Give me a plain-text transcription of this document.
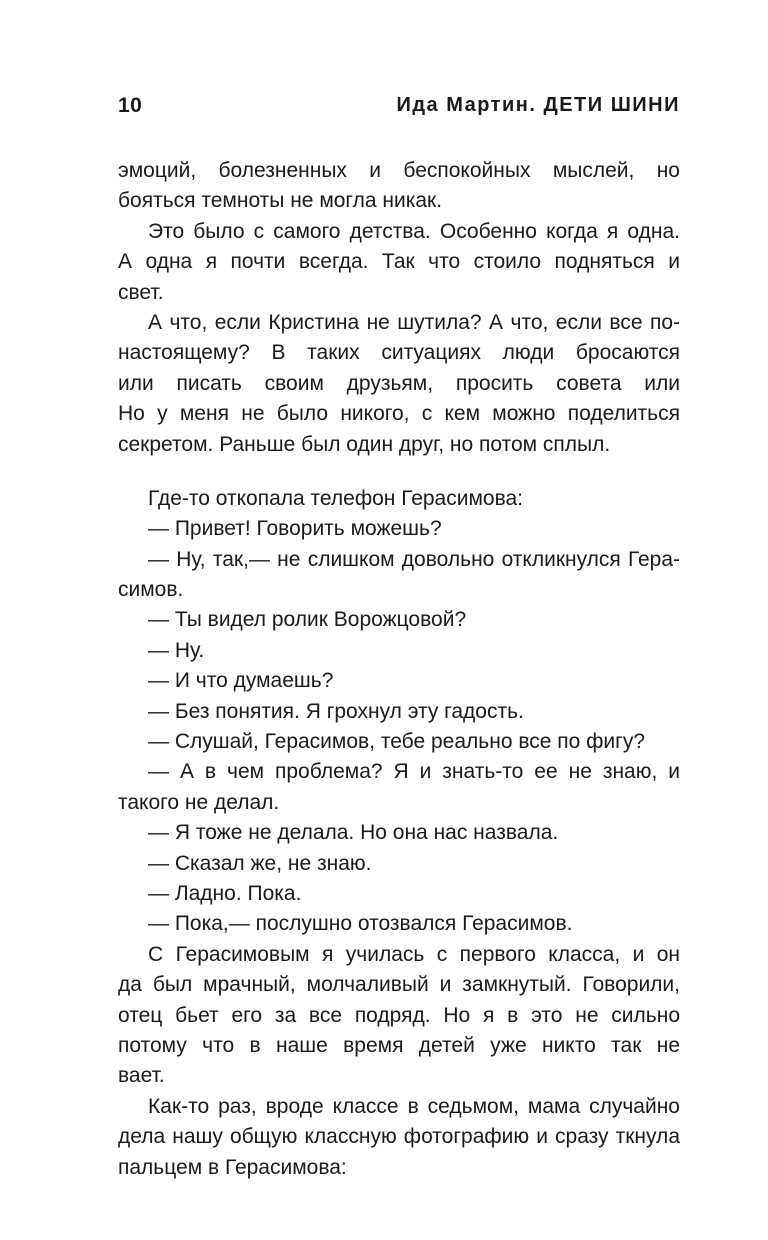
10	Ида Мартин. ДЕТИ ШИНИ
эмоций, болезненных и беспокойных мыслей, но
бояться темноты не могла никак.
Это было с самого детства. Особенно когда я одна.
А одна я почти всегда. Так что стоило подняться и
свет.
А что, если Кристина не шутила? А что, если все по-
настоящему? В таких ситуациях люди бросаются
или писать своим друзьям, просить совета или
Но у меня не было никого, с кем можно поделиться
секретом. Раньше был один друг, но потом сплыл.
Где-то откопала телефон Герасимова:
— Привет! Говорить можешь?
— Ну, так,— не слишком довольно откликнулся Гера-
симов.
— Ты видел ролик Ворожцовой?
— Ну.
— И что думаешь?
— Без понятия. Я грохнул эту гадость.
— Слушай, Герасимов, тебе реально все по фигу?
— А в чем проблема? Я и знать-то ее не знаю, и
такого не делал.
— Я тоже не делала. Но она нас назвала.
— Сказал же, не знаю.
— Ладно. Пока.
— Пока,— послушно отозвался Герасимов.
С Герасимовым я училась с первого класса, и он
да был мрачный, молчаливый и замкнутый. Говорили,
отец бьет его за все подряд. Но я в это не сильно
потому что в наше время детей уже никто так не
вает.
Как-то раз, вроде классе в седьмом, мама случайно
дела нашу общую классную фотографию и сразу ткнула
пальцем в Герасимова:
